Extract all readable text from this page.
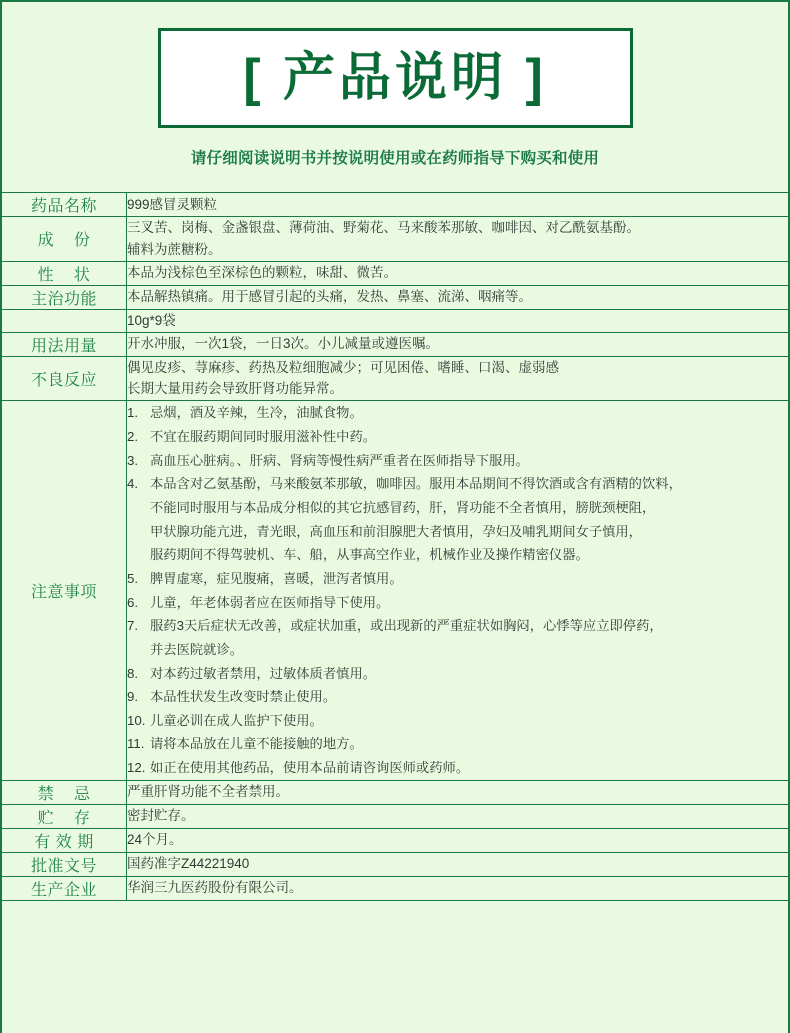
[ 产品说明 ]
请仔细阅读说明书并按说明使用或在药师指导下购买和使用
药品名称	999感冒灵颗粒

成    份	三叉苦、岗梅、金盏银盘、薄荷油、野菊花、马来酸苯那敏、咖啡因、对乙酰氨基酚。
辅料为蔗糖粉。

性    状	本品为浅棕色至深棕色的颗粒，味甜、微苦。

主治功能	本品解热镇痛。用于感冒引起的头痛，发热、鼻塞、流涕、咽痛等。

	10g*9袋

用法用量	开水冲服，一次1袋，一日3次。小儿减量或遵医嘱。

不良反应	偶见皮疹、荨麻疹、药热及粒细胞减少；可见困倦、嗜睡、口渴、虚弱感
长期大量用药会导致肝肾功能异常。

注意事项	
1. 忌烟，酒及辛辣，生冷，油腻食物。
2. 不宜在服药期间同时服用滋补性中药。
3. 高血压心脏病。、肝病、肾病等慢性病严重者在医师指导下服用。
4. 本品含对乙氨基酚，马来酸氨苯那敏，咖啡因。服用本品期间不得饮酒或含有酒精的饮料，
不能同时服用与本品成分相似的其它抗感冒药，肝，肾功能不全者慎用，膀胱颈梗阻，
甲状腺功能亢进，青光眼，高血压和前泪腺肥大者慎用，孕妇及哺乳期间女子慎用，
服药期间不得驾驶机、车、船，从事高空作业，机械作业及操作精密仪器。
5. 脾胃虚寒，症见腹痛，喜暖，泄泻者慎用。
6. 儿童，年老体弱者应在医师指导下使用。
7. 服药3天后症状无改善，或症状加重，或出现新的严重症状如胸闷，心悸等应立即停药，
并去医院就诊。
8. 对本药过敏者禁用，过敏体质者慎用。
9. 本品性状发生改变时禁止使用。
10. 儿童必训在成人监护下使用。
11. 请将本品放在儿童不能接触的地方。
12. 如正在使用其他药品，使用本品前请咨询医师或药师。

禁    忌	严重肝肾功能不全者禁用。

贮    存	密封贮存。

有 效 期	24个月。

批准文号	国药准字Z44221940

生产企业	华润三九医药股份有限公司。
